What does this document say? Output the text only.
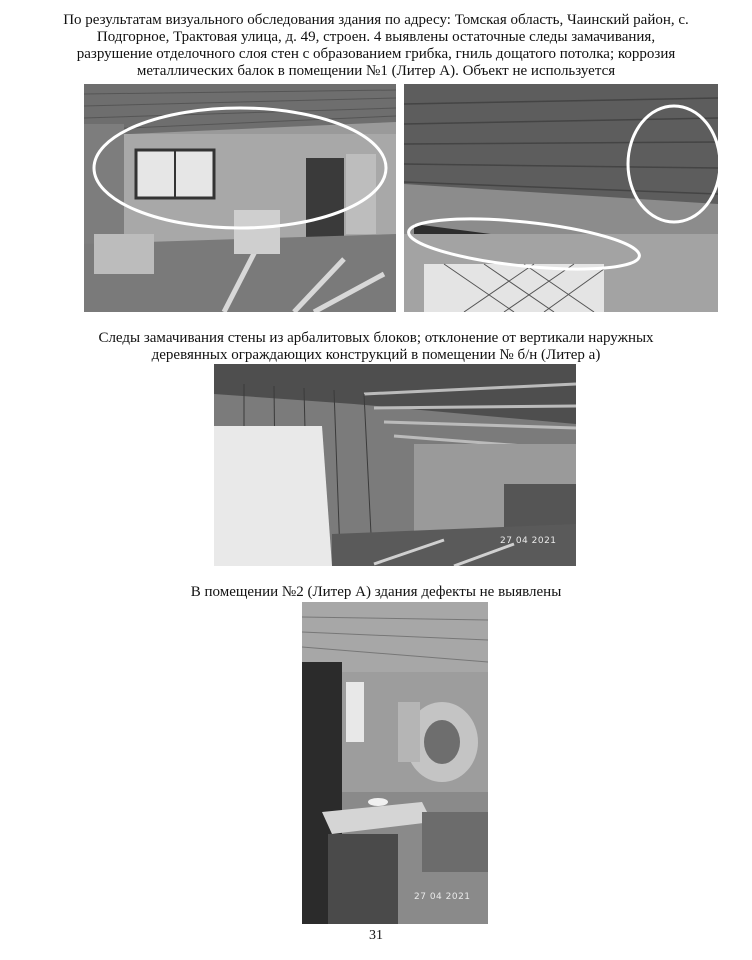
По результатам визуального обследования здания по адресу: Томская область, Чаинский район, с. Подгорное, Трактовая улица, д. 49, строен. 4 выявлены остаточные следы замачивания, разрушение отделочного слоя стен с образованием грибка, гниль дощатого потолка; коррозия металлических балок в помещении №1 (Литер А). Объект не используется
Следы замачивания стены из арбалитовых блоков; отклонение от вертикали наружных деревянных ограждающих конструкций в помещении № б/н (Литер а)
27 04 2021
В помещении №2 (Литер А) здания дефекты не выявлены
27 04 2021
31
